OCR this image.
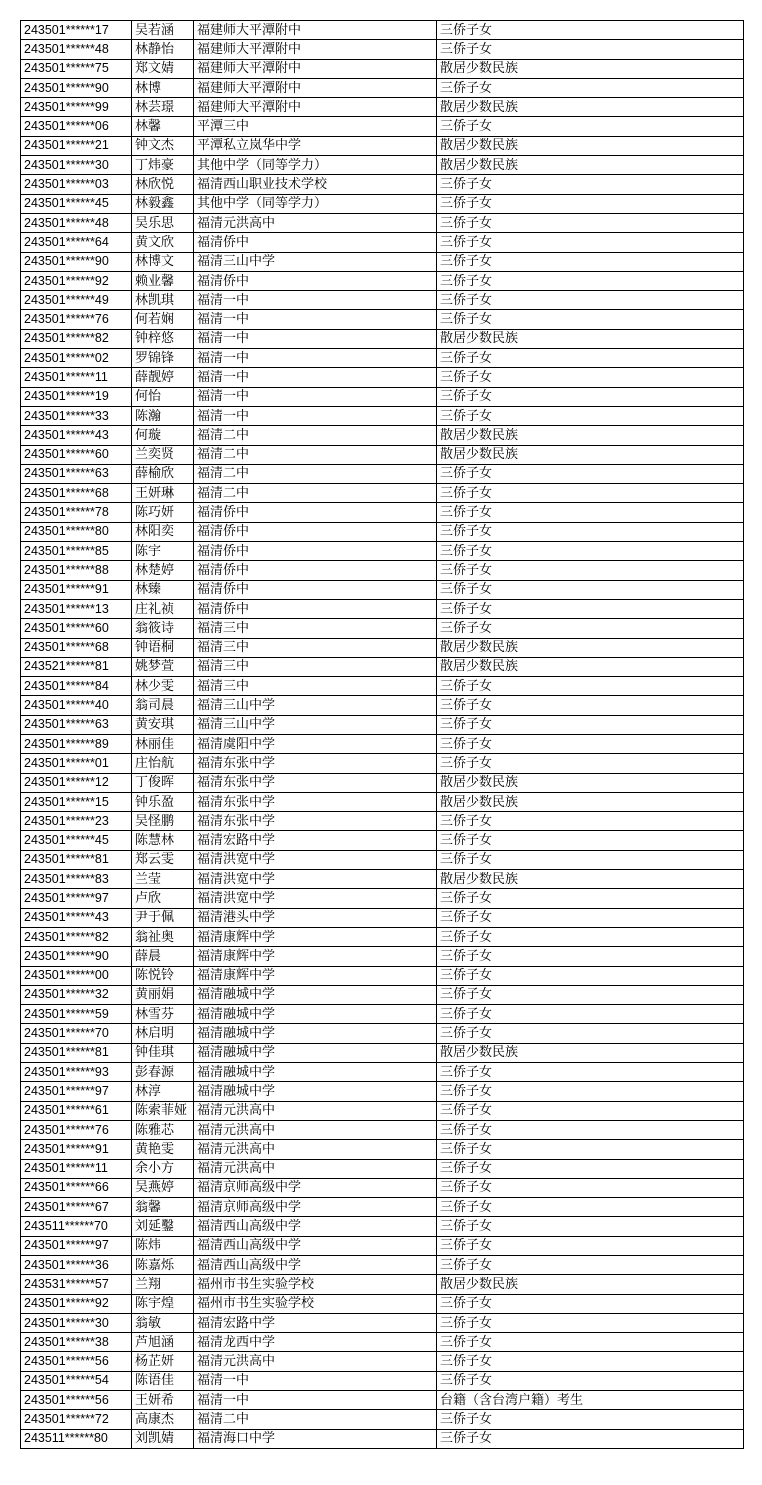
243501******17	吴若涵	福建师大平潭附中	三侨子女
243501******48	林静怡	福建师大平潭附中	三侨子女
243501******75	郑文婧	福建师大平潭附中	散居少数民族
243501******90	林博	福建师大平潭附中	三侨子女
243501******99	林芸璟	福建师大平潭附中	散居少数民族
243501******06	林馨	平潭三中	三侨子女
243501******21	钟文杰	平潭私立岚华中学	散居少数民族
243501******30	丁炜豪	其他中学（同等学力）	散居少数民族
243501******03	林欣悦	福清西山职业技术学校	三侨子女
243501******45	林毅鑫	其他中学（同等学力）	三侨子女
243501******48	吴乐思	福清元洪高中	三侨子女
243501******64	黄文欣	福清侨中	三侨子女
243501******90	林博文	福清三山中学	三侨子女
243501******92	赖业馨	福清侨中	三侨子女
243501******49	林凯琪	福清一中	三侨子女
243501******76	何若娴	福清一中	三侨子女
243501******82	钟梓悠	福清一中	散居少数民族
243501******02	罗锦锋	福清一中	三侨子女
243501******11	薛靓婷	福清一中	三侨子女
243501******19	何怡	福清一中	三侨子女
243501******33	陈瀚	福清一中	三侨子女
243501******43	何璇	福清二中	散居少数民族
243501******60	兰奕贤	福清二中	散居少数民族
243501******63	薛榆欣	福清二中	三侨子女
243501******68	王妍琳	福清二中	三侨子女
243501******78	陈巧妍	福清侨中	三侨子女
243501******80	林阳奕	福清侨中	三侨子女
243501******85	陈宇	福清侨中	三侨子女
243501******88	林楚婷	福清侨中	三侨子女
243501******91	林臻	福清侨中	三侨子女
243501******13	庄礼祯	福清侨中	三侨子女
243501******60	翁筱诗	福清三中	三侨子女
243501******68	钟语桐	福清三中	散居少数民族
243521******81	姚梦萱	福清三中	散居少数民族
243501******84	林少雯	福清三中	三侨子女
243501******40	翁司晨	福清三山中学	三侨子女
243501******63	黄安琪	福清三山中学	三侨子女
243501******89	林丽佳	福清虞阳中学	三侨子女
243501******01	庄怡航	福清东张中学	三侨子女
243501******12	丁俊晖	福清东张中学	散居少数民族
243501******15	钟乐盈	福清东张中学	散居少数民族
243501******23	吴怪鹏	福清东张中学	三侨子女
243501******45	陈慧林	福清宏路中学	三侨子女
243501******81	郑云雯	福清洪宽中学	三侨子女
243501******83	兰莹	福清洪宽中学	散居少数民族
243501******97	卢欣	福清洪宽中学	三侨子女
243501******43	尹于佩	福清港头中学	三侨子女
243501******82	翁祉奥	福清康辉中学	三侨子女
243501******90	薛晨	福清康辉中学	三侨子女
243501******00	陈悦铃	福清康辉中学	三侨子女
243501******32	黄丽娟	福清融城中学	三侨子女
243501******59	林雪芬	福清融城中学	三侨子女
243501******70	林启明	福清融城中学	三侨子女
243501******81	钟佳琪	福清融城中学	散居少数民族
243501******93	彭春源	福清融城中学	三侨子女
243501******97	林淳	福清融城中学	三侨子女
243501******61	陈索菲娅	福清元洪高中	三侨子女
243501******76	陈雅芯	福清元洪高中	三侨子女
243501******91	黄艳雯	福清元洪高中	三侨子女
243501******11	余小方	福清元洪高中	三侨子女
243501******66	吴燕婷	福清京师高级中学	三侨子女
243501******67	翁馨	福清京师高级中学	三侨子女
243511******70	刘延鑿	福清西山高级中学	三侨子女
243501******97	陈炜	福清西山高级中学	三侨子女
243501******36	陈嘉烁	福清西山高级中学	三侨子女
243531******57	兰翔	福州市书生实验学校	散居少数民族
243501******92	陈宇煌	福州市书生实验学校	三侨子女
243501******30	翁敏	福清宏路中学	三侨子女
243501******38	芦旭涵	福清龙西中学	三侨子女
243501******56	杨芷妍	福清元洪高中	三侨子女
243501******54	陈语佳	福清一中	三侨子女
243501******56	王妍希	福清一中	台籍（含台湾户籍）考生
243501******72	高康杰	福清二中	三侨子女
243511******80	刘凯婧	福清海口中学	三侨子女
